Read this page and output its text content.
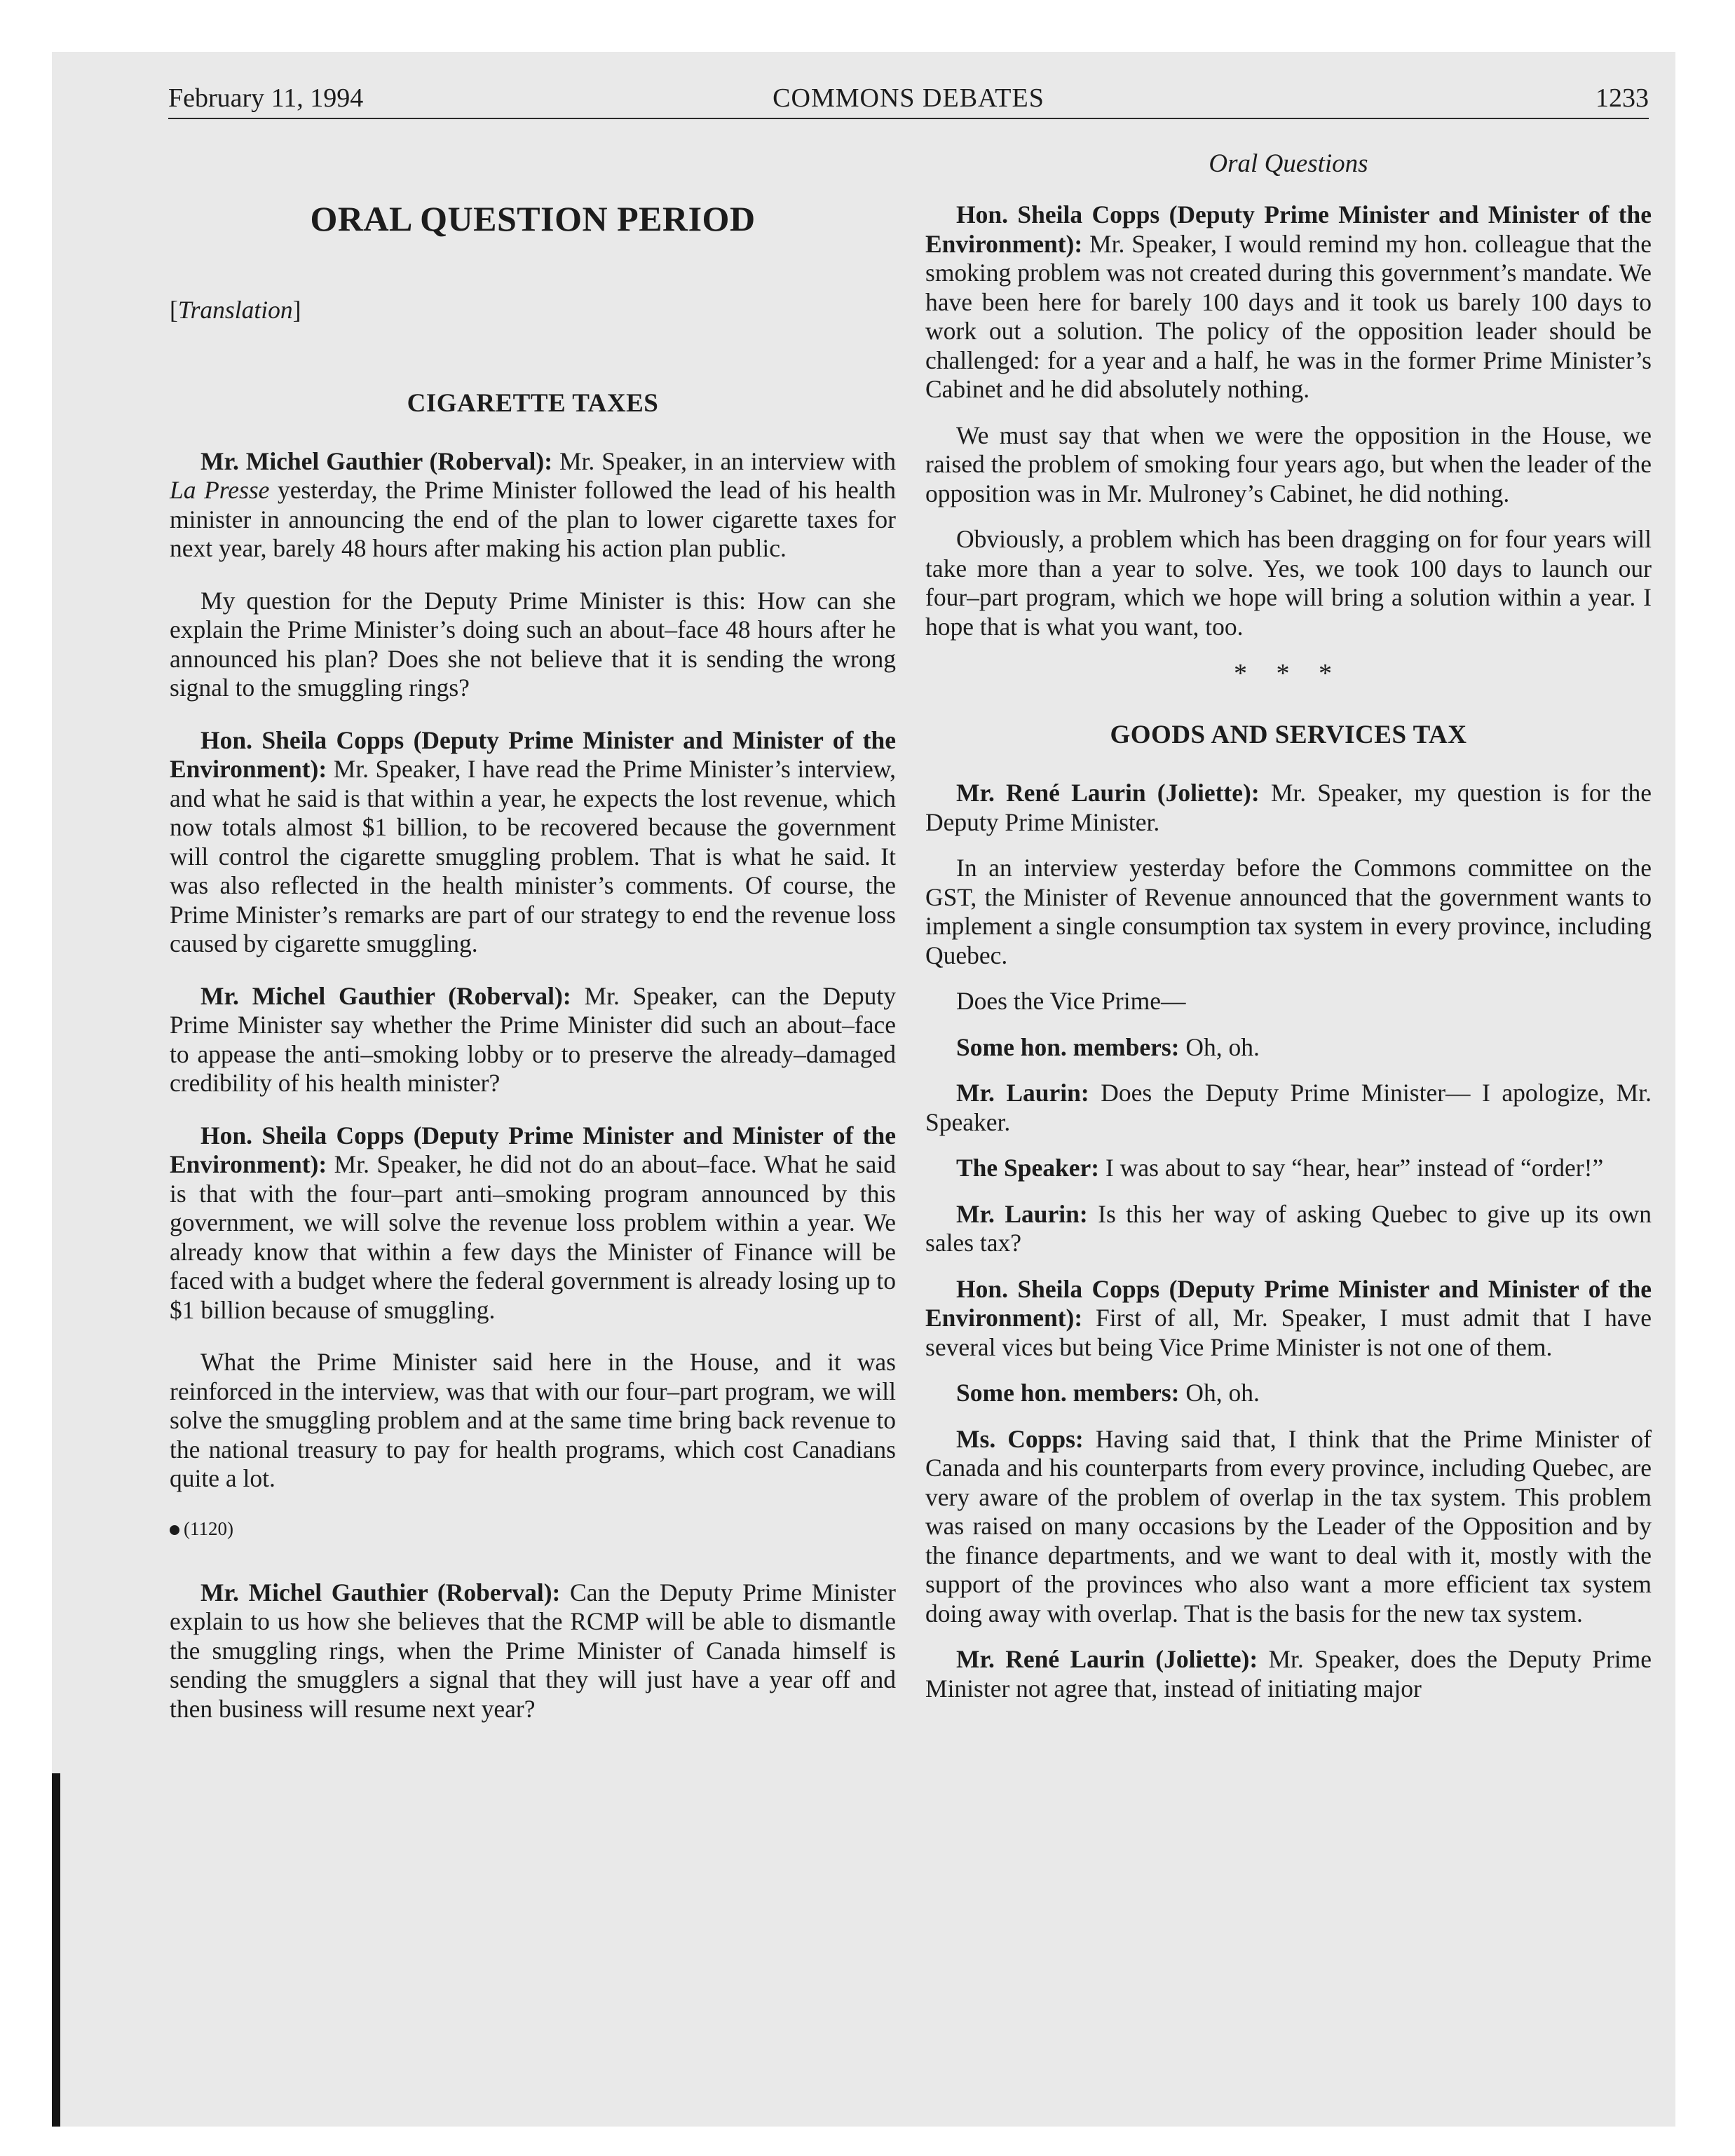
February 11, 1994	COMMONS DEBATES	1233
ORAL QUESTION PERIOD
[Translation]
CIGARETTE TAXES

Mr. Michel Gauthier (Roberval): Mr. Speaker, in an interview with La Presse yesterday, the Prime Minister followed the lead of his health minister in announcing the end of the plan to lower cigarette taxes for next year, barely 48 hours after making his action plan public.

My question for the Deputy Prime Minister is this: How can she explain the Prime Minister’s doing such an about–face 48 hours after he announced his plan? Does she not believe that it is sending the wrong signal to the smuggling rings?

Hon. Sheila Copps (Deputy Prime Minister and Minister of the Environment): Mr. Speaker, I have read the Prime Minister’s interview, and what he said is that within a year, he expects the lost revenue, which now totals almost $1 billion, to be recovered because the government will control the cigarette smuggling problem. That is what he said. It was also reflected in the health minister’s comments. Of course, the Prime Minister’s remarks are part of our strategy to end the revenue loss caused by cigarette smuggling.

Mr. Michel Gauthier (Roberval): Mr. Speaker, can the Deputy Prime Minister say whether the Prime Minister did such an about–face to appease the anti–smoking lobby or to preserve the already–damaged credibility of his health minister?

Hon. Sheila Copps (Deputy Prime Minister and Minister of the Environment): Mr. Speaker, he did not do an about–face. What he said is that with the four–part anti–smoking program announced by this government, we will solve the revenue loss problem within a year. We already know that within a few days the Minister of Finance will be faced with a budget where the federal government is already losing up to $1 billion because of smuggling.

What the Prime Minister said here in the House, and it was reinforced in the interview, was that with our four–part program, we will solve the smuggling problem and at the same time bring back revenue to the national treasury to pay for health programs, which cost Canadians quite a lot.

(1120)

Mr. Michel Gauthier (Roberval): Can the Deputy Prime Minister explain to us how she believes that the RCMP will be able to dismantle the smuggling rings, when the Prime Minister of Canada himself is sending the smugglers a signal that they will just have a year off and then business will resume next year?

Oral Questions

Hon. Sheila Copps (Deputy Prime Minister and Minister of the Environment): Mr. Speaker, I would remind my hon. colleague that the smoking problem was not created during this government’s mandate. We have been here for barely 100 days and it took us barely 100 days to work out a solution. The policy of the opposition leader should be challenged: for a year and a half, he was in the former Prime Minister’s Cabinet and he did absolutely nothing.

We must say that when we were the opposition in the House, we raised the problem of smoking four years ago, but when the leader of the opposition was in Mr. Mulroney’s Cabinet, he did nothing.

Obviously, a problem which has been dragging on for four years will take more than a year to solve. Yes, we took 100 days to launch our four–part program, which we hope will bring a solution within a year. I hope that is what you want, too.

* * *
GOODS AND SERVICES TAX

Mr. René Laurin (Joliette): Mr. Speaker, my question is for the Deputy Prime Minister.

In an interview yesterday before the Commons committee on the GST, the Minister of Revenue announced that the government wants to implement a single consumption tax system in every province, including Quebec.

Does the Vice Prime—

Some hon. members: Oh, oh.

Mr. Laurin: Does the Deputy Prime Minister— I apologize, Mr. Speaker.

The Speaker: I was about to say “hear, hear” instead of “order!”

Mr. Laurin: Is this her way of asking Quebec to give up its own sales tax?

Hon. Sheila Copps (Deputy Prime Minister and Minister of the Environment): First of all, Mr. Speaker, I must admit that I have several vices but being Vice Prime Minister is not one of them.

Some hon. members: Oh, oh.

Ms. Copps: Having said that, I think that the Prime Minister of Canada and his counterparts from every province, including Quebec, are very aware of the problem of overlap in the tax system. This problem was raised on many occasions by the Leader of the Opposition and by the finance departments, and we want to deal with it, mostly with the support of the provinces who also want a more efficient tax system doing away with overlap. That is the basis for the new tax system.

Mr. René Laurin (Joliette): Mr. Speaker, does the Deputy Prime Minister not agree that, instead of initiating major
